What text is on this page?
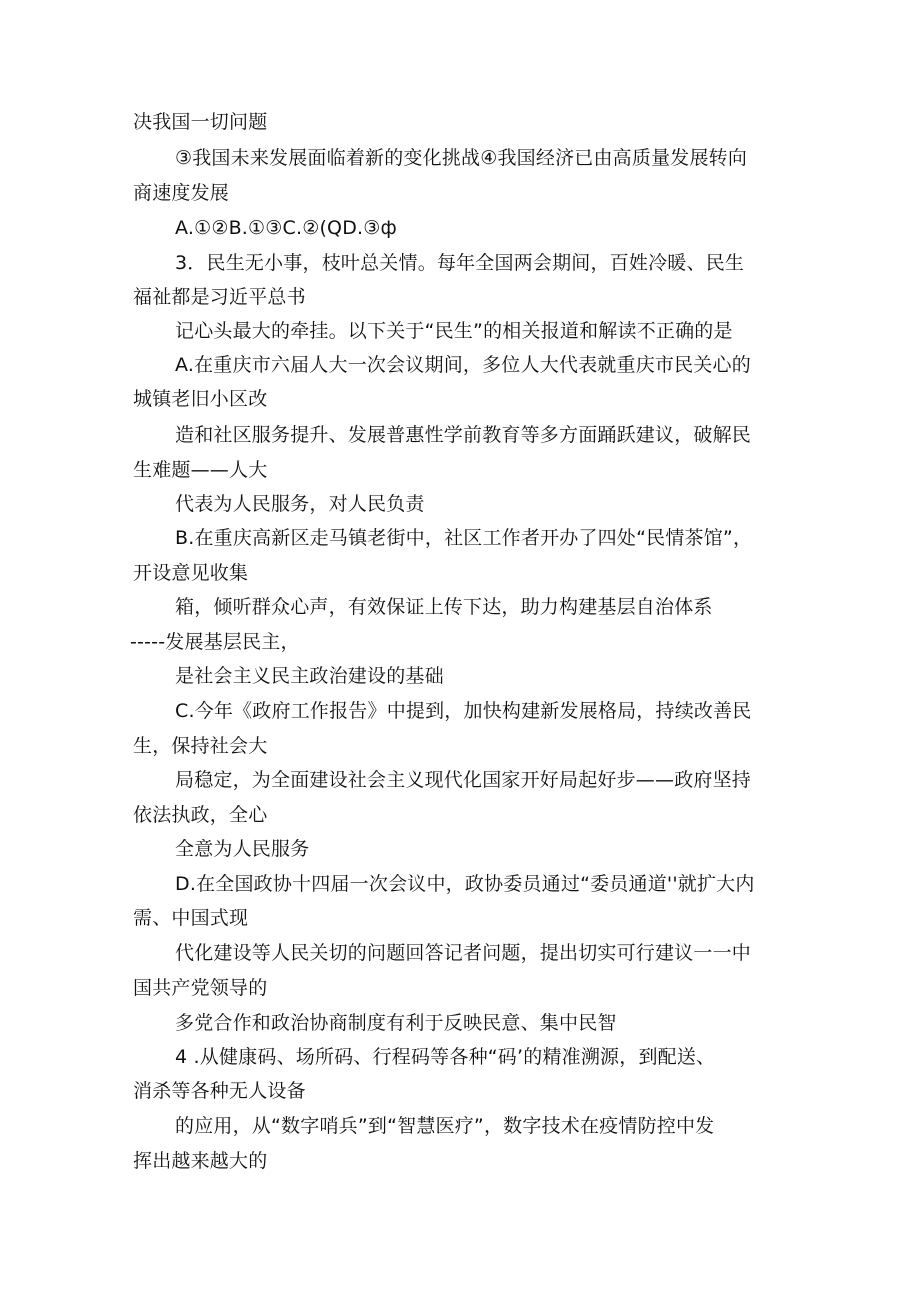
决我国一切问题
③我国未来发展面临着新的变化挑战④我国经济已由高质量发展转向
商速度发展
A.①②B.①③C.②(QD.③ф
3．民生无小事，枝叶总关情。每年全国两会期间，百姓冷暖、民生
福祉都是习近平总书
记心头最大的牵挂。以下关于“民生”的相关报道和解读不正确的是
A.在重庆市六届人大一次会议期间，多位人大代表就重庆市民关心的
城镇老旧小区改
造和社区服务提升、发展普惠性学前教育等多方面踊跃建议，破解民
生难题——人大
代表为人民服务，对人民负责
B.在重庆高新区走马镇老街中，社区工作者开办了四处“民情茶馆”，
开设意见收集
箱，倾听群众心声，有效保证上传下达，助力构建基层自治体系
-----发展基层民主，
是社会主义民主政治建设的基础
C.今年《政府工作报告》中提到，加快构建新发展格局，持续改善民
生，保持社会大
局稳定，为全面建设社会主义现代化国家开好局起好步——政府坚持
依法执政，全心
全意为人民服务
D.在全国政协十四届一次会议中，政协委员通过“委员通道''就扩大内
需、中国式现
代化建设等人民关切的问题回答记者问题，提出切实可行建议一一中
国共产党领导的
多党合作和政治协商制度有利于反映民意、集中民智
4 .从健康码、场所码、行程码等各种“码’的精准溯源，到配送、
消杀等各种无人设备
的应用，从“数字哨兵”到“智慧医疗”，数字技术在疫情防控中发
挥出越来越大的
